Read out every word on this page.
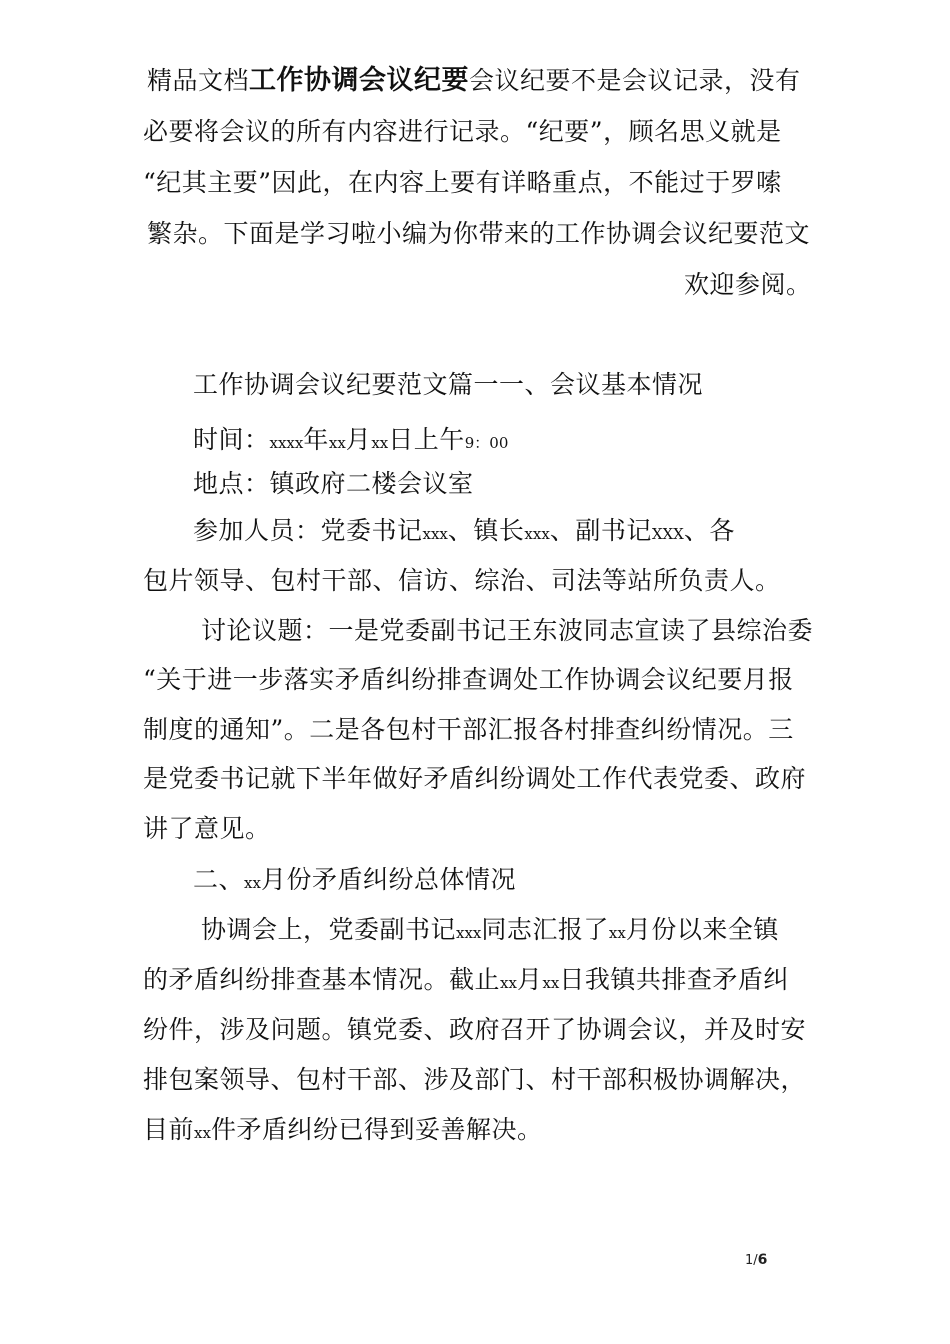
精品文档工作协调会议纪要会议纪要不是会议记录，没有
必要将会议的所有内容进行记录。“纪要”，顾名思义就是
“纪其主要”因此，在内容上要有详略重点，不能过于罗嗦
繁杂。下面是学习啦小编为你带来的工作协调会议纪要范文
欢迎参阅。
工作协调会议纪要范文篇一一、会议基本情况
时间：xxxx年xx月xx日上午9：00
地点：镇政府二楼会议室
参加人员：党委书记xxx、镇长xxx、副书记XXX、各
包片领导、包村干部、信访、综治、司法等站所负责人。
讨论议题：一是党委副书记王东波同志宣读了县综治委
“关于进一步落实矛盾纠纷排查调处工作协调会议纪要月报
制度的通知”。二是各包村干部汇报各村排查纠纷情况。三
是党委书记就下半年做好矛盾纠纷调处工作代表党委、政府
讲了意见。
二、xx月份矛盾纠纷总体情况
协调会上，党委副书记xxx同志汇报了xx月份以来全镇
的矛盾纠纷排查基本情况。截止xx月xx日我镇共排查矛盾纠
纷件，涉及问题。镇党委、政府召开了协调会议，并及时安
排包案领导、包村干部、涉及部门、村干部积极协调解决，
目前xx件矛盾纠纷已得到妥善解决。
1/6
